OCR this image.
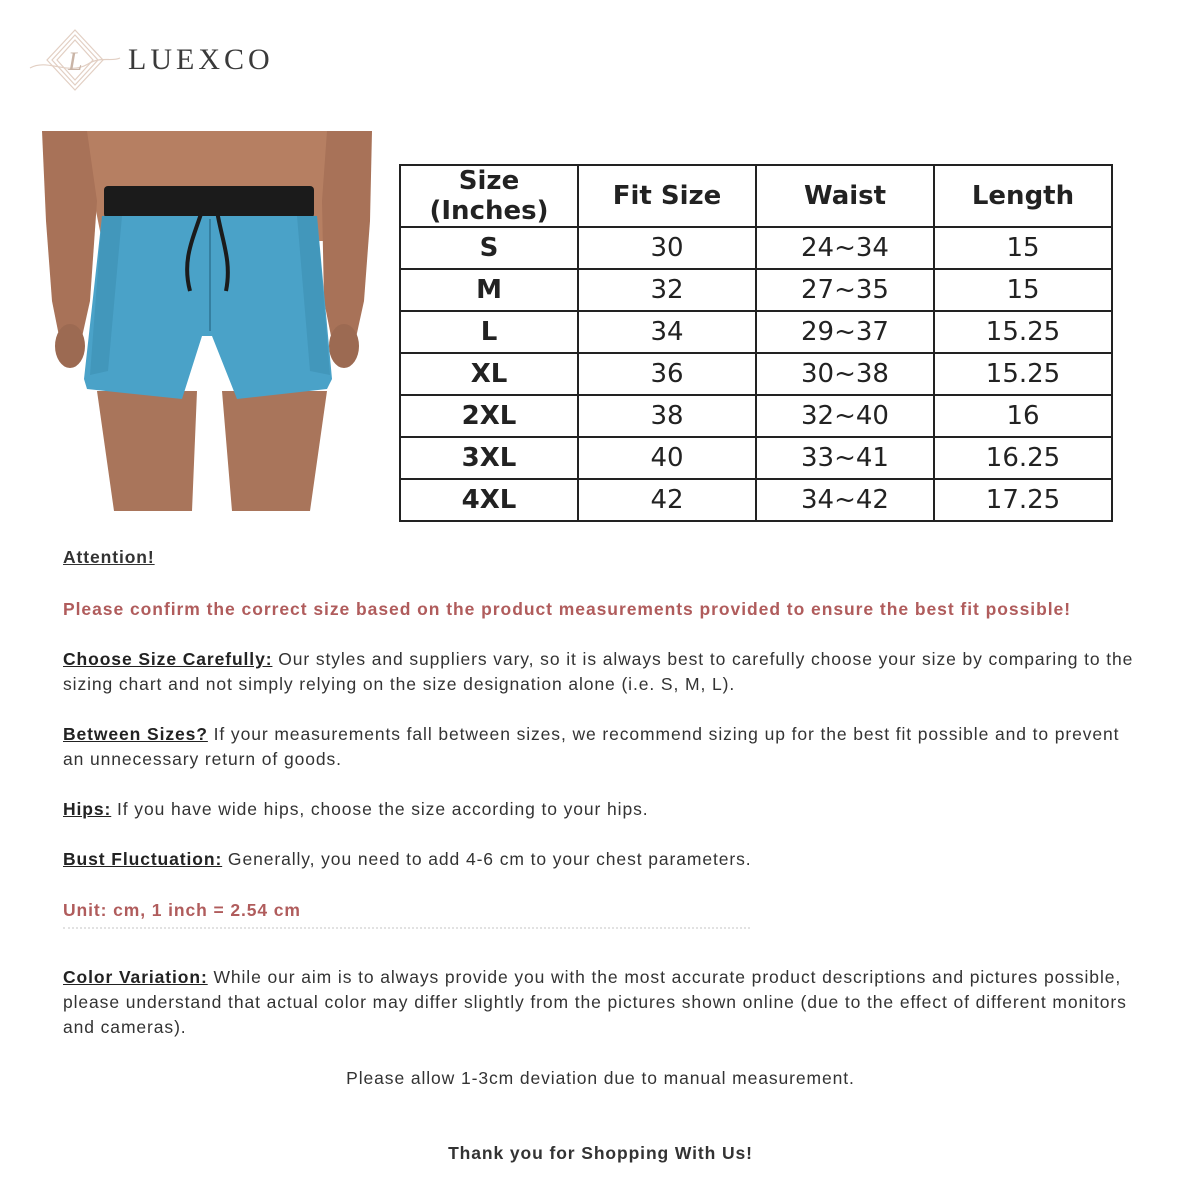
L LUEXCO
Size (Inches)	Fit Size	Waist	Length
S	30	24~34	15
M	32	27~35	15
L	34	29~37	15.25
XL	36	30~38	15.25
2XL	38	32~40	16
3XL	40	33~41	16.25
4XL	42	34~42	17.25

Attention!

Please confirm the correct size based on the product measurements provided to ensure the best fit possible!

Choose Size Carefully: Our styles and suppliers vary, so it is always best to carefully choose your size by comparing to the sizing chart and not simply relying on the size designation alone (i.e. S, M, L).

Between Sizes? If your measurements fall between sizes, we recommend sizing up for the best fit possible and to prevent an unnecessary return of goods.

Hips: If you have wide hips, choose the size according to your hips.

Bust Fluctuation: Generally, you need to add 4-6 cm to your chest parameters.

Unit: cm, 1 inch = 2.54 cm

Color Variation: While our aim is to always provide you with the most accurate product descriptions and pictures possible, please understand that actual color may differ slightly from the pictures shown online (due to the effect of different monitors and cameras).

Please allow 1-3cm deviation due to manual measurement.

Thank you for Shopping With Us!
